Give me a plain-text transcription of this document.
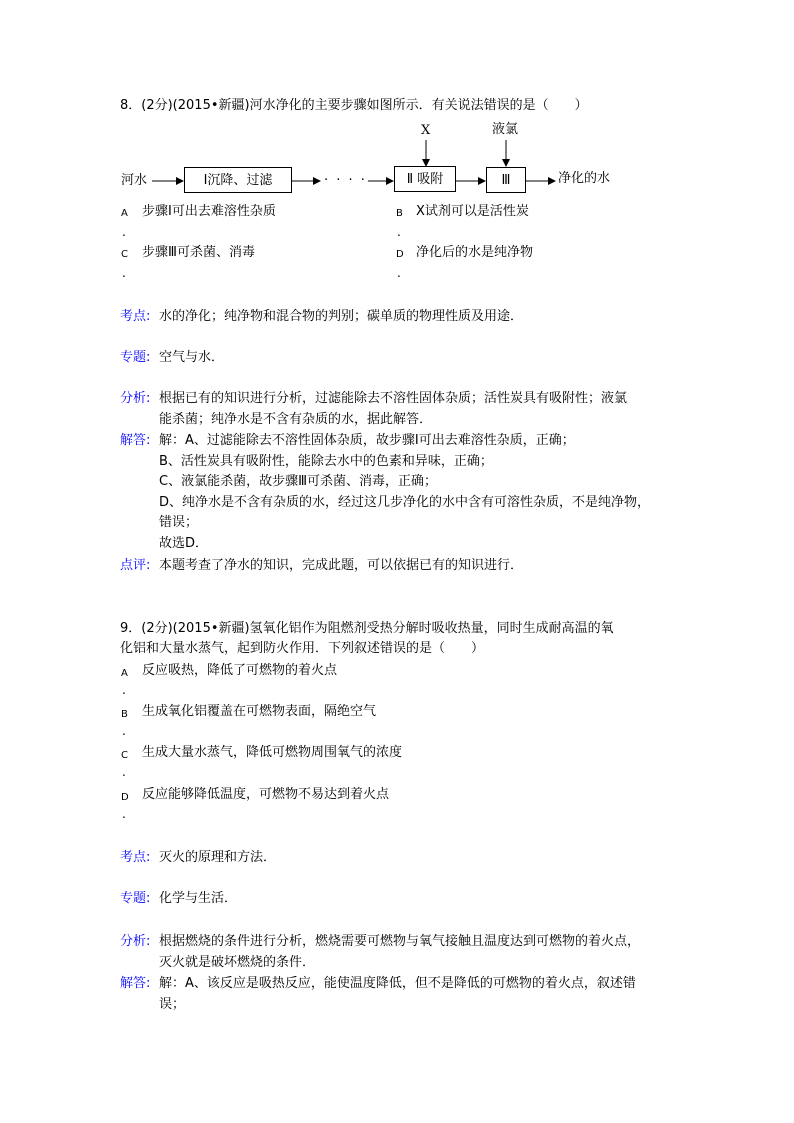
8．(2分)(2015•新疆)河水净化的主要步骤如图所示．有关说法错误的是（　　）
河水	Ⅰ沉降、过滤	· · · ·	Ⅱ 吸附	Ⅲ
X	液氯
净化的水
A 步骤Ⅰ可出去难溶性杂质
.
B X试剂可以是活性炭
.
C 步骤Ⅲ可杀菌、消毒
.
D 净化后的水是纯净物
.
考点: 水的净化；纯净物和混合物的判别；碳单质的物理性质及用途．
专题: 空气与水．
分析: 根据已有的知识进行分析，过滤能除去不溶性固体杂质；活性炭具有吸附性；液氯
能杀菌；纯净水是不含有杂质的水，据此解答．
解答: 解：A、过滤能除去不溶性固体杂质，故步骤Ⅰ可出去难溶性杂质，正确；
B、活性炭具有吸附性，能除去水中的色素和异味，正确；
C、液氯能杀菌，故步骤Ⅲ可杀菌、消毒，正确；
D、纯净水是不含有杂质的水，经过这几步净化的水中含有可溶性杂质，不是纯净物，
错误；
故选D．
点评: 本题考查了净水的知识，完成此题，可以依据已有的知识进行．
9．(2分)(2015•新疆)氢氧化铝作为阻燃剂受热分解时吸收热量，同时生成耐高温的氧
化铝和大量水蒸气，起到防火作用．下列叙述错误的是（　　）
A 反应吸热，降低了可燃物的着火点
.
B 生成氧化铝覆盖在可燃物表面，隔绝空气
.
C 生成大量水蒸气，降低可燃物周围氧气的浓度
.
D 反应能够降低温度，可燃物不易达到着火点
.
考点: 灭火的原理和方法．
专题: 化学与生活．
分析: 根据燃烧的条件进行分析，燃烧需要可燃物与氧气接触且温度达到可燃物的着火点，
灭火就是破坏燃烧的条件．
解答: 解：A、该反应是吸热反应，能使温度降低，但不是降低的可燃物的着火点，叙述错
误；
